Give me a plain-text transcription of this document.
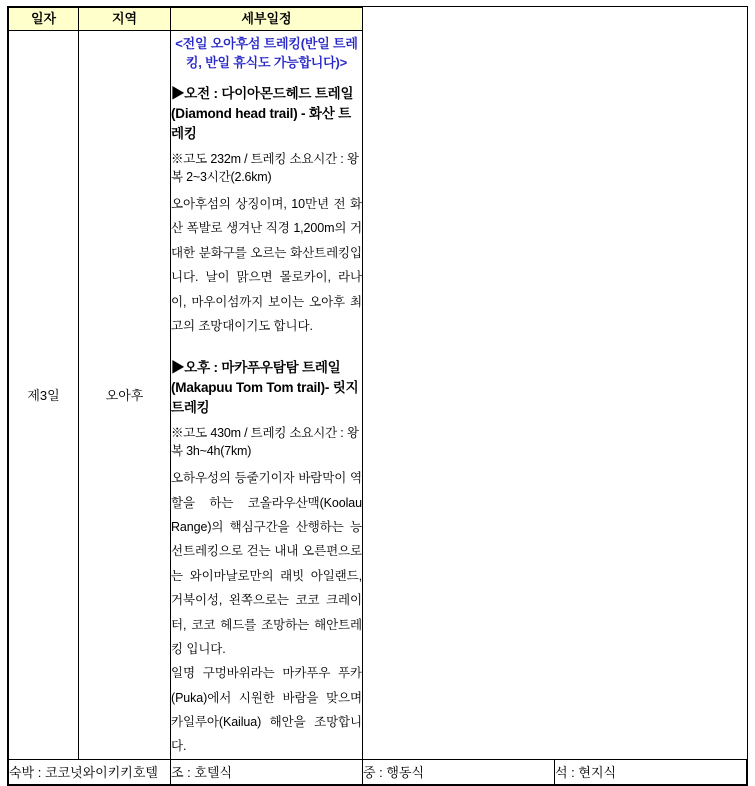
일자	지역	세부일정		
제3일	오아후	
<전일 오아후섬 트레킹(반일 트레킹, 반일 휴식도 가능합니다)>
▶오전 : 다이아몬드헤드 트레일 (Diamond head trail) - 화산 트레킹
※고도 232m / 트레킹 소요시간 : 왕복 2~3시간(2.6km)

오아후섬의 상징이며, 10만년 전 화산 폭발로 생겨난 직경 1,200m의 거대한 분화구를 오르는 화산트레킹입니다. 날이 맑으면 몰로카이, 라나이, 마우이섬까지 보이는 오아후 최고의 조망대이기도 합니다.

▶오후 : 마카푸우탐탐 트레일 (Makapuu Tom Tom trail)- 릿지 트레킹
※고도 430m / 트레킹 소요시간 : 왕복 3h~4h(7km)

오하우성의 등줄기이자 바람막이 역할을 하는 코올라우산맥(Koolau Range)의 핵심구간을 산행하는 능선트레킹으로 걷는 내내 오른편으로는 와이마날로만의 래빗 아일랜드, 거북이성, 왼쪽으로는 코코 크레이터, 코코 헤드를 조망하는 해안트레킹 입니다.

일명 구멍바위라는 마카푸우 푸카(Puka)에서 시원한 바람을 맞으며 카일루아(Kailua) 해안을 조망합니다.

숙박 : 코코넛와이키키호텔		조 : 호텔식	중 : 행동식	석 : 현지식
